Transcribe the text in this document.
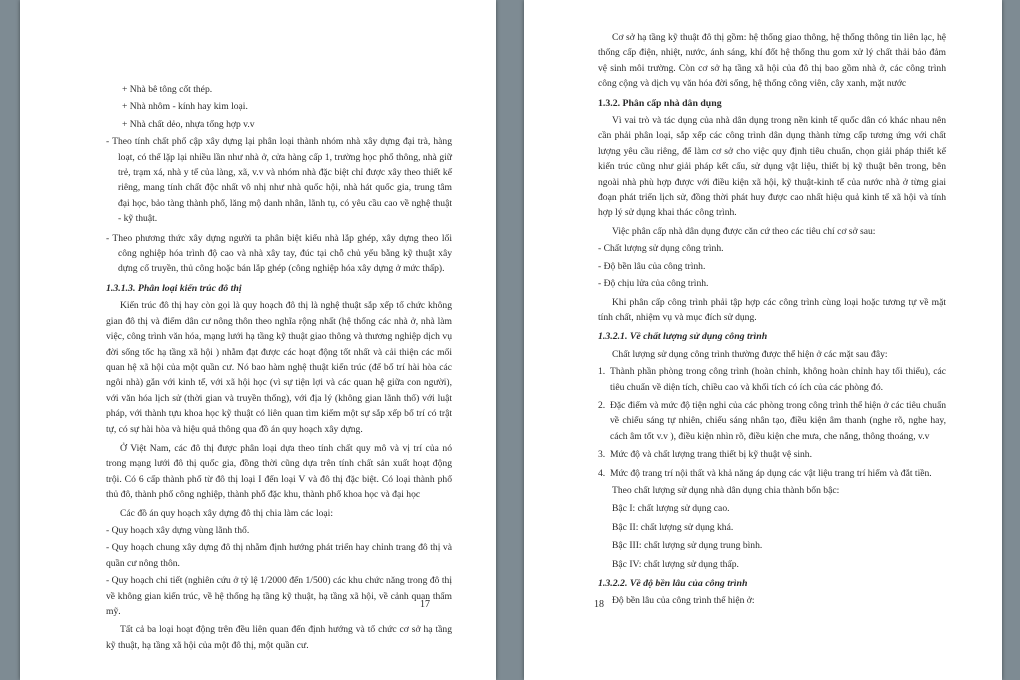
+ Nhà bê tông cốt thép.

+ Nhà nhôm - kính hay kim loại.

+ Nhà chất dẻo, nhựa tổng hợp v.v

- Theo tính chất phổ cập xây dựng lại phân loại thành nhóm nhà xây dựng đại trà, hàng loạt, có thể lặp lại nhiều lần như nhà ở, cửa hàng cấp 1, trường học phổ thông, nhà giữ trẻ, trạm xá, nhà y tế của làng, xã, v.v và nhóm nhà đặc biệt chỉ được xây theo thiết kế riêng, mang tính chất độc nhất vô nhị như nhà quốc hội, nhà hát quốc gia, trung tâm đại học, bảo tàng thành phố, lăng mộ danh nhân, lãnh tụ, có yêu cầu cao về nghệ thuật - kỹ thuật.

- Theo phương thức xây dựng người ta phân biệt kiểu nhà lắp ghép, xây dựng theo lối công nghiệp hóa trình độ cao và nhà xây tay, đúc tại chỗ chủ yếu bằng kỹ thuật xây dựng cổ truyền, thủ công hoặc bán lắp ghép (công nghiệp hóa xây dựng ở mức thấp).

1.3.1.3. Phân loại kiến trúc đô thị

Kiến trúc đô thị hay còn gọi là quy hoạch đô thị là nghệ thuật sắp xếp tổ chức không gian đô thị và điểm dân cư nông thôn theo nghĩa rộng nhất (hệ thống các nhà ở, nhà làm việc, công trình văn hóa, mạng lưới hạ tầng kỹ thuật giao thông và thương nghiệp dịch vụ đời sống tốc hạ tầng xã hội ) nhằm đạt được các hoạt động tốt nhất và cải thiện các mối quan hệ xã hội của một quần cư. Nó bao hàm nghệ thuật kiến trúc (để bố trí hài hòa các ngôi nhà) gắn với kinh tế, với xã hội học (vì sự tiện lợi và các quan hệ giữa con người), với văn hóa lịch sử (thời gian và truyền thống), với địa lý (không gian lãnh thổ) với luật pháp, với thành tựu khoa học kỹ thuật có liên quan tìm kiếm một sự sắp xếp bố trí có trật tự, có sự hài hòa và hiệu quả thông qua đồ án quy hoạch xây dựng.

Ở Việt Nam, các đô thị được phân loại dựa theo tính chất quy mô và vị trí của nó trong mạng lưới đô thị quốc gia, đồng thời cũng dựa trên tính chất sản xuất hoạt động trội. Có 6 cấp thành phố từ đô thị loại I đến loại V và đô thị đặc biệt. Có loại thành phố thủ đô, thành phố công nghiệp, thành phố đặc khu, thành phố khoa học và đại học

Các đồ án quy hoạch xây dựng đô thị chia làm các loại:

- Quy hoạch xây dựng vùng lãnh thổ.

- Quy hoạch chung xây dựng đô thị nhằm định hướng phát triển hay chỉnh trang đô thị và quần cư nông thôn.

- Quy hoạch chi tiết (nghiên cứu ở tỷ lệ 1/2000 đến 1/500) các khu chức năng trong đô thị về không gian kiến trúc, về hệ thống hạ tầng kỹ thuật, hạ tầng xã hội, về cảnh quan thẩm mỹ.

Tất cả ba loại hoạt động trên đều liên quan đến định hướng và tổ chức cơ sở hạ tầng kỹ thuật, hạ tầng xã hội của một đô thị, một quần cư.

17

Cơ sở hạ tầng kỹ thuật đô thị gồm: hệ thống giao thông, hệ thống thông tin liên lạc, hệ thống cấp điện, nhiệt, nước, ánh sáng, khí đốt hệ thống thu gom xử lý chất thải bảo đảm vệ sinh môi trường. Còn cơ sở hạ tầng xã hội của đô thị bao gồm nhà ở, các công trình công cộng và dịch vụ văn hóa đời sống, hệ thống công viên, cây xanh, mặt nước

1.3.2. Phân cấp nhà dân dụng

Vì vai trò và tác dụng của nhà dân dụng trong nền kinh tế quốc dân có khác nhau nên cần phải phân loại, sắp xếp các công trình dân dụng thành từng cấp tương ứng với chất lượng yêu cầu riêng, để làm cơ sở cho việc quy định tiêu chuẩn, chọn giải pháp thiết kế kiến trúc cũng như giải pháp kết cấu, sử dụng vật liệu, thiết bị kỹ thuật bên trong, bên ngoài nhà phù hợp được với điều kiện xã hội, kỹ thuật-kinh tế của nước nhà ở từng giai đoạn phát triển lịch sử, đồng thời phát huy được cao nhất hiệu quả kinh tế xã hội và tính hợp lý sử dụng khai thác công trình.

Việc phân cấp nhà dân dụng được căn cứ theo các tiêu chí cơ sở sau:

- Chất lượng sử dụng công trình.

- Độ bền lâu của công trình.

- Độ chịu lửa của công trình.

Khi phân cấp công trình phải tập hợp các công trình cùng loại hoặc tương tự về mặt tính chất, nhiệm vụ và mục đích sử dụng.

1.3.2.1. Về chất lượng sử dụng công trình

Chất lượng sử dụng công trình thường được thể hiện ở các mặt sau đây:

1. Thành phần phòng trong công trình (hoàn chỉnh, không hoàn chỉnh hay tối thiểu), các tiêu chuẩn về diện tích, chiều cao và khối tích có ích của các phòng đó.
2. Đặc điểm và mức độ tiện nghi của các phòng trong công trình thể hiện ở các tiêu chuẩn về chiếu sáng tự nhiên, chiếu sáng nhân tạo, điều kiện âm thanh (nghe rõ, nghe hay, cách âm tốt v.v ), điều kiện nhìn rõ, điều kiện che mưa, che nắng, thông thoáng, v.v
3. Mức độ và chất lượng trang thiết bị kỹ thuật vệ sinh.
4. Mức độ trang trí nội thất và khả năng áp dụng các vật liệu trang trí hiếm và đắt tiền.

Theo chất lượng sử dụng nhà dân dụng chia thành bốn bậc:

Bậc I: chất lượng sử dụng cao.

Bậc II: chất lượng sử dụng khá.

Bậc III: chất lượng sử dụng trung bình.

Bậc IV: chất lượng sử dụng thấp.

1.3.2.2. Về độ bền lâu của công trình

Độ bền lâu của công trình thể hiện ở:

18
